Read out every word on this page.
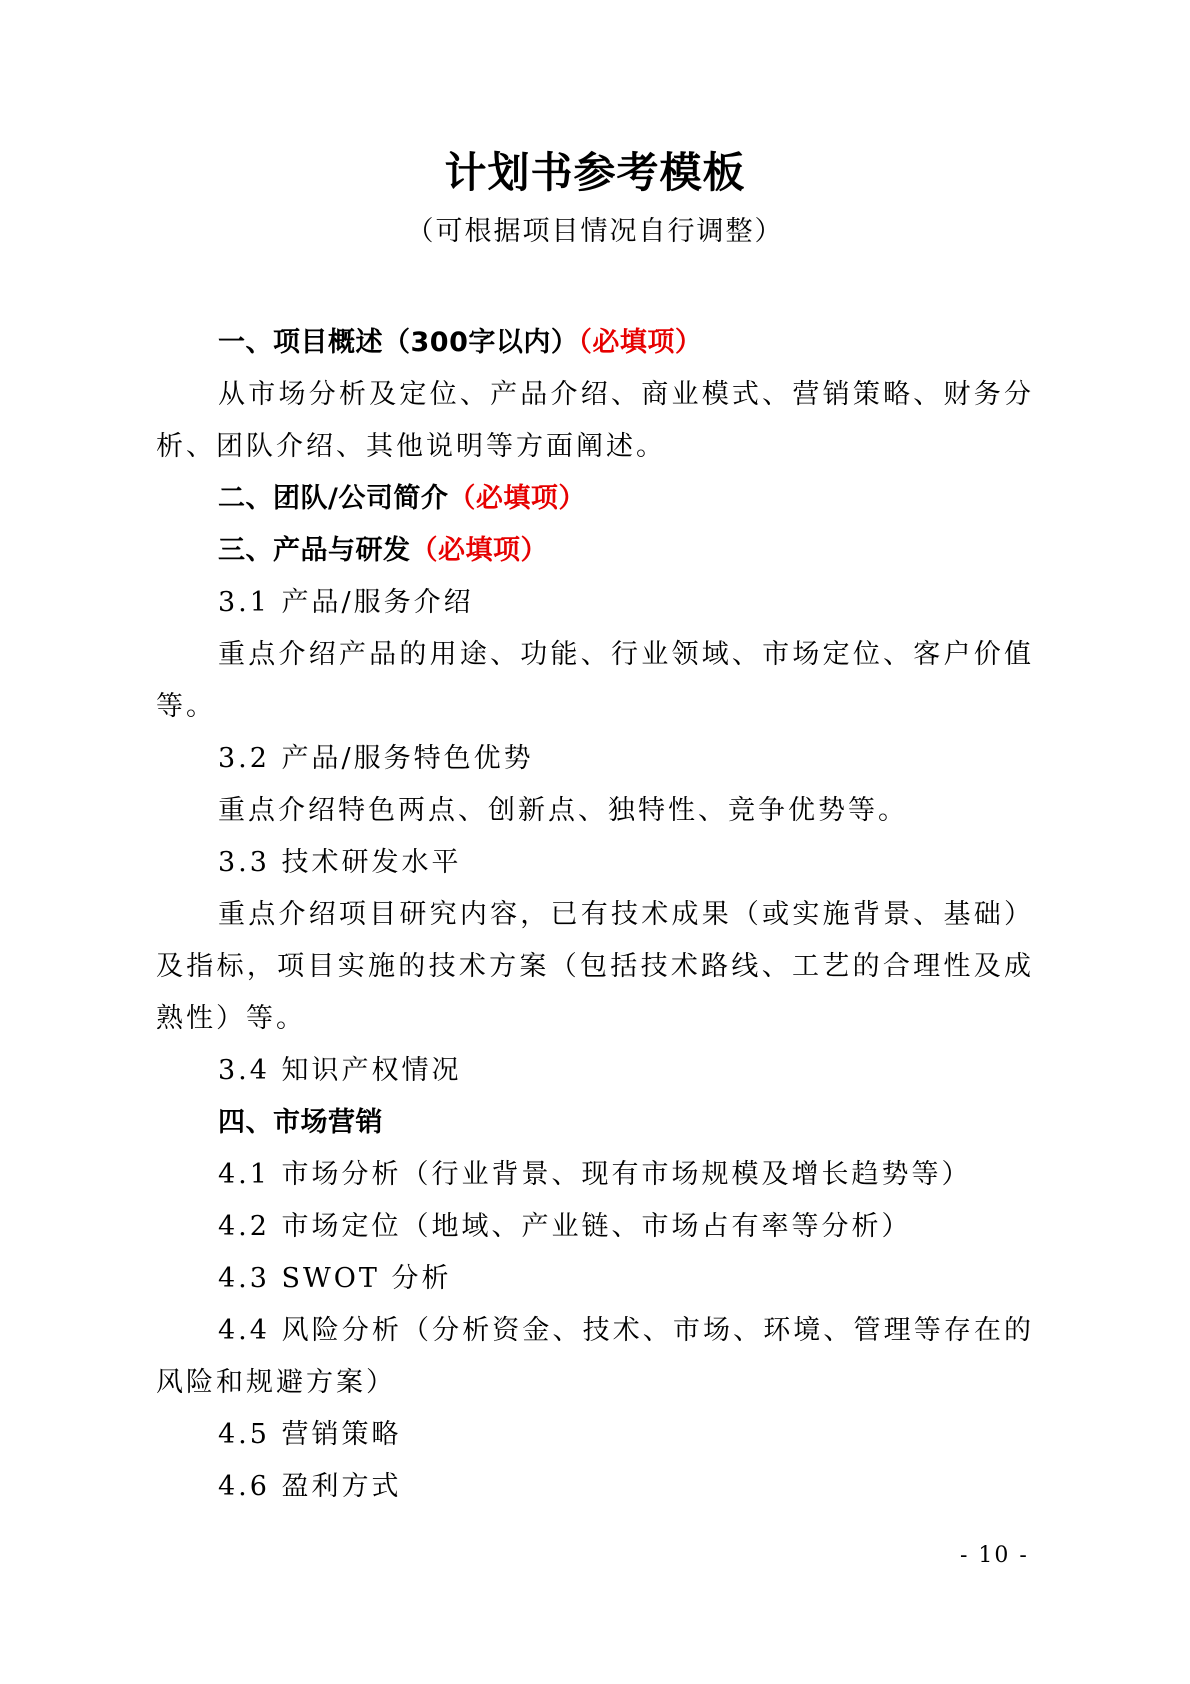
计划书参考模板
（可根据项目情况自行调整）

一、项目概述（300字以内）（必填项）

从市场分析及定位、产品介绍、商业模式、营销策略、财务分析、团队介绍、其他说明等方面阐述。

二、团队/公司简介（必填项）

三、产品与研发（必填项）

3.1 产品/服务介绍

重点介绍产品的用途、功能、行业领域、市场定位、客户价值等。

3.2 产品/服务特色优势

重点介绍特色两点、创新点、独特性、竞争优势等。

3.3 技术研发水平

重点介绍项目研究内容，已有技术成果（或实施背景、基础）及指标，项目实施的技术方案（包括技术路线、工艺的合理性及成熟性）等。

3.4 知识产权情况

四、市场营销

4.1 市场分析（行业背景、现有市场规模及增长趋势等）

4.2 市场定位（地域、产业链、市场占有率等分析）

4.3 SWOT 分析

4.4 风险分析（分析资金、技术、市场、环境、管理等存在的风险和规避方案）

4.5 营销策略

4.6 盈利方式

- 10 -
